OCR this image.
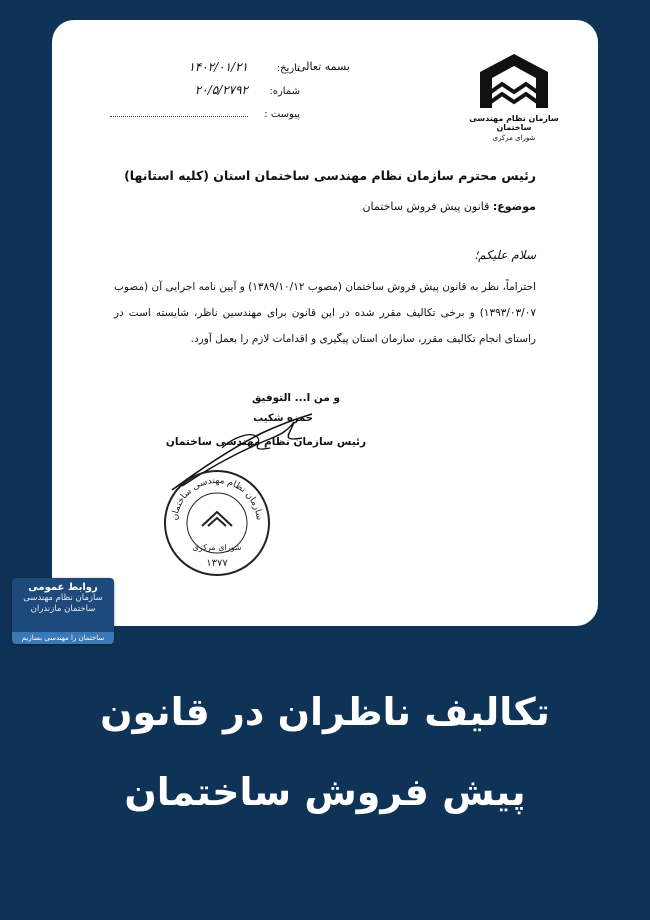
سازمان نظام مهندسی ساختمان
شورای مرکزی
بسمه تعالی
تاریخ:
۱۴۰۲/۰۱/۲۱
شماره:
۲۰/۵/۲۷۹۲
پیوست :
رئیس محترم سازمان نظام مهندسی ساختمان استان (کلیه استانها)
موضوع: قانون پیش فروش ساختمان
سلام علیکم؛
احتراماً، نظر به قانون پیش فروش ساختمان (مصوب ۱۳۸۹/۱۰/۱۲) و آیین نامه اجرایی آن (مصوب ۱۳۹۳/۰۳/۰۷) و برخی تکالیف مقرر شده در این قانون برای مهندسین ناظر، شایسته است در راستای انجام تکالیف مقرر، سازمان استان پیگیری و اقدامات لازم را بعمل آورد.
و من ا... التوفیق
حمزه شکیب
رئیس سازمان نظام مهندسی ساختمان
سازمان نظام مهندسی ساختمان
شورای مرکزی
۱۳۷۷
روابط عمومی
سازمان نظام مهندسی
ساختمان مازندران
ساختمان را مهندسی بسازیم
تکالیف ناظران در قانون
پیش فروش ساختمان
